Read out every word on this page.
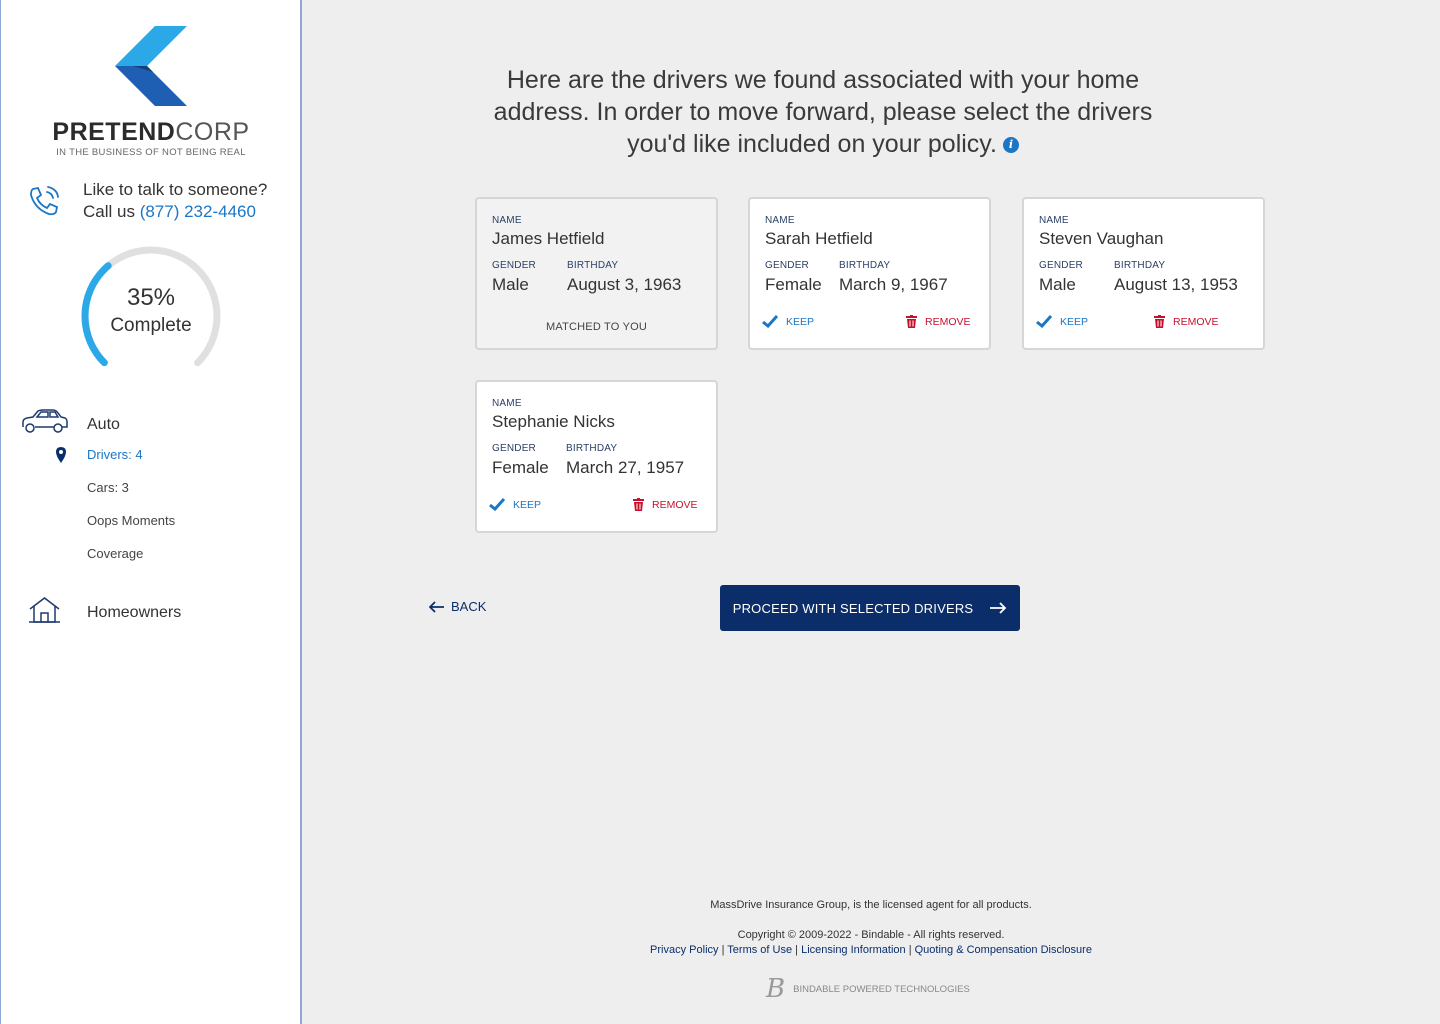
PRETENDCORP
IN THE BUSINESS OF NOT BEING REAL
Like to talk to someone?
Call us (877) 232-4460
35%
Complete
Auto
Drivers: 4
Cars: 3
Oops Moments
Coverage
Homeowners
Here are the drivers we found associated with your home
address. In order to move forward, please select the drivers
you'd like included on your policy. i
NAME
James Hetfield
GENDER
Male
BIRTHDAY
August 3, 1963
MATCHED TO YOU
NAME
Sarah Hetfield
GENDER
Female
BIRTHDAY
March 9, 1967
KEEP	REMOVE
NAME
Steven Vaughan
GENDER
Male
BIRTHDAY
August 13, 1953
KEEP	REMOVE
NAME
Stephanie Nicks
GENDER
Female
BIRTHDAY
March 27, 1957
KEEP	REMOVE
BACK	PROCEED WITH SELECTED DRIVERS
MassDrive Insurance Group, is the licensed agent for all products.
Copyright © 2009-2022 - Bindable - All rights reserved.
Privacy Policy | Terms of Use | Licensing Information | Quoting & Compensation Disclosure
B BINDABLE POWERED TECHNOLOGIES
